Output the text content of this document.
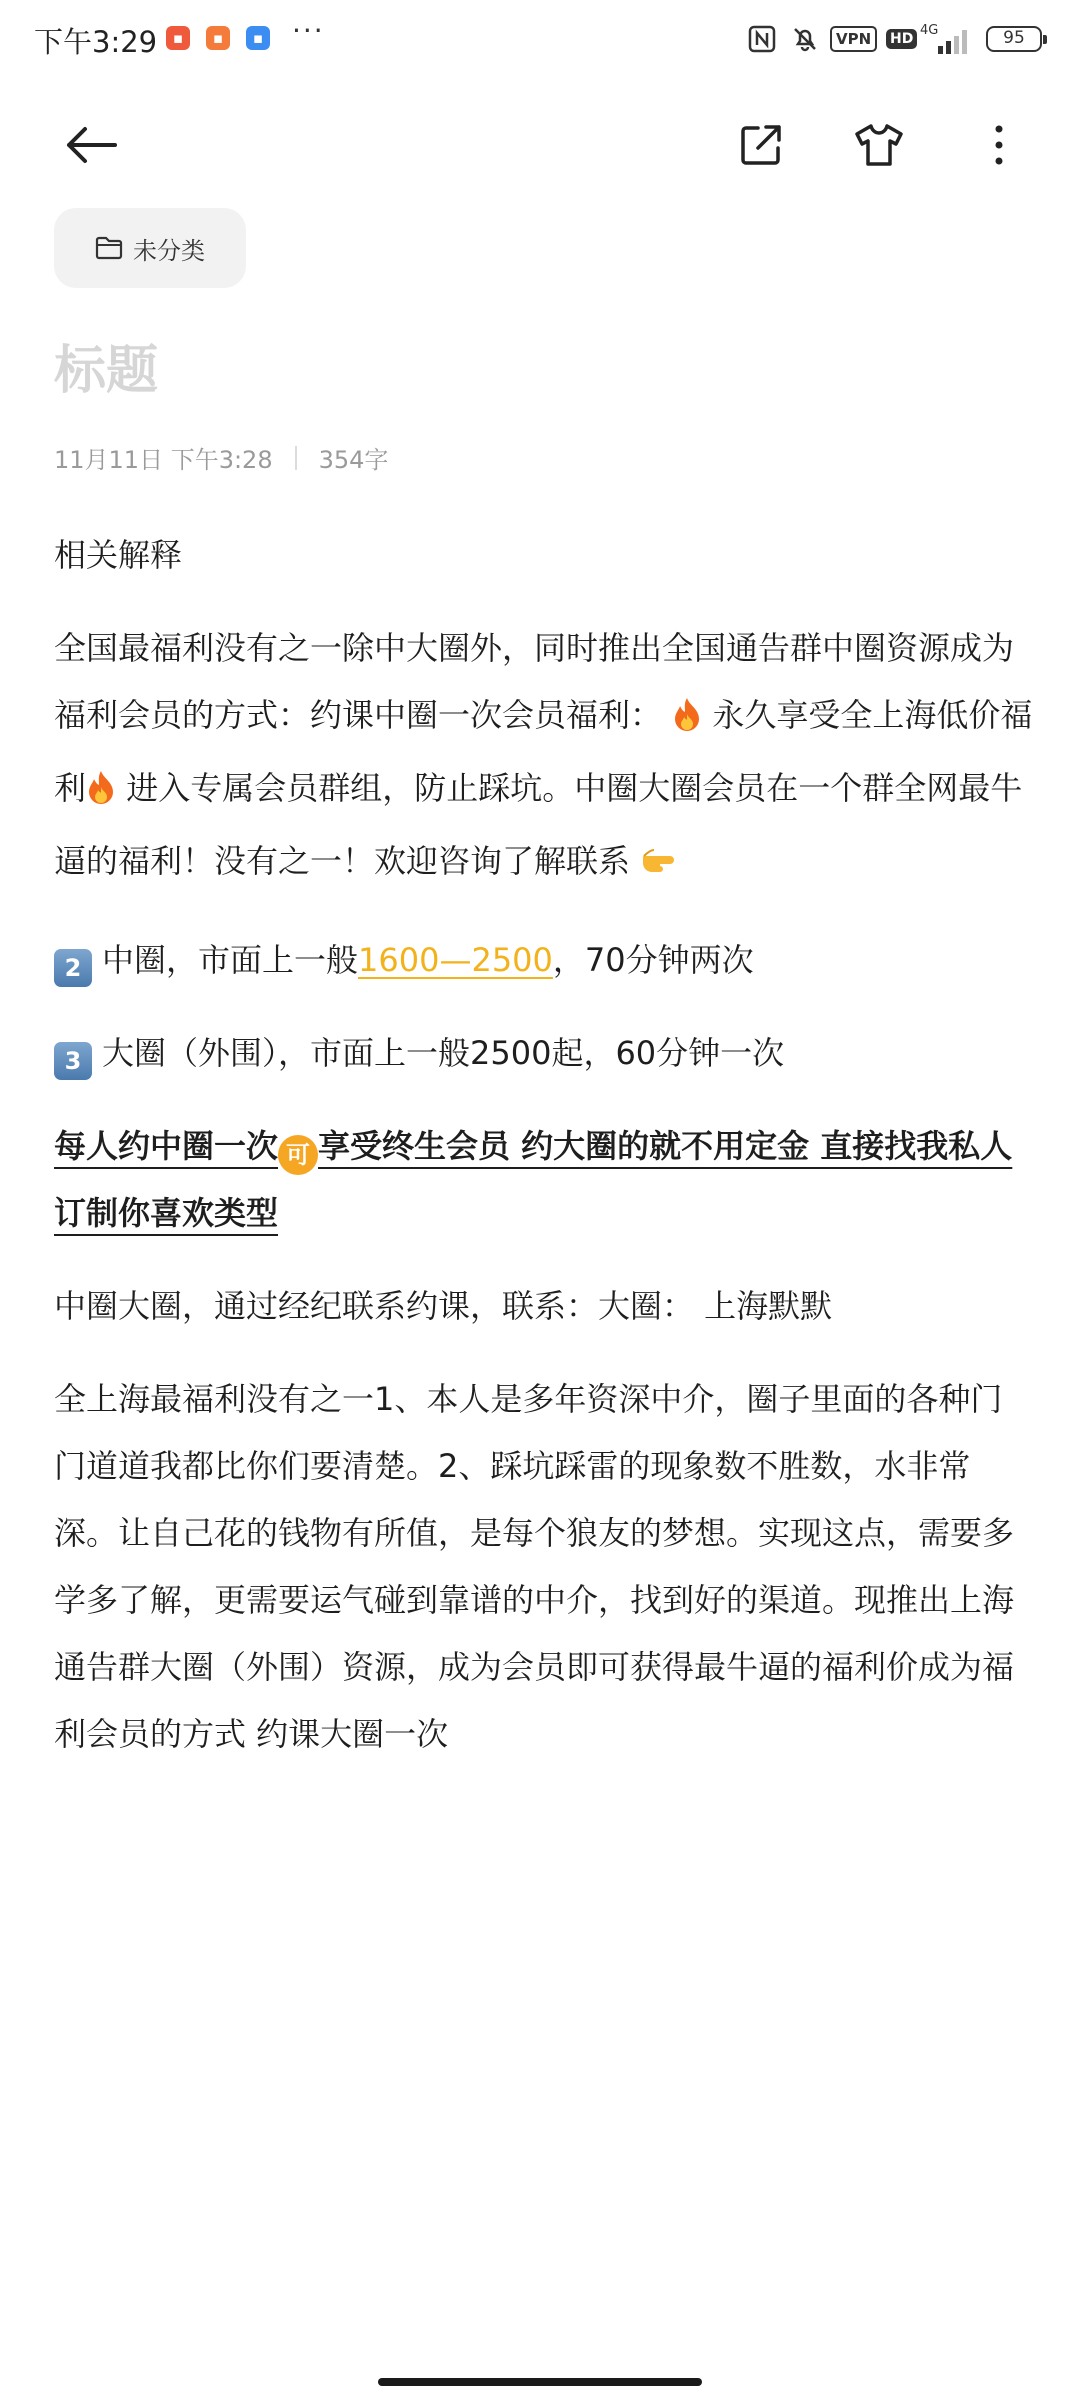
下午3:29	▪	▪	▪ ···	VPN	HD
4G	95
未分类
标题
11月11日 下午3:28 354字
相关解释
全国最福利没有之一除中大圈外，同时推出全国通告群中圈资源成为福利会员的方式：约课中圈一次会员福利： 永久享受全上海低价福利 进入专属会员群组，防止踩坑。中圈大圈会员在一个群全网最牛逼的福利！没有之一！欢迎咨询了解联系
2 中圈，市面上一般1600—2500，70分钟两次
3 大圈（外围），市面上一般2500起，60分钟一次
每人约中圈一次 可 享受终生会员 约大圈的就不用定金 直接找我私人订制你喜欢类型
中圈大圈，通过经纪联系约课，联系：大圈： 上海默默
全上海最福利没有之一1、本人是多年资深中介，圈子里面的各种门门道道我都比你们要清楚。2、踩坑踩雷的现象数不胜数，水非常深。让自己花的钱物有所值，是每个狼友的梦想。实现这点，需要多学多了解，更需要运气碰到靠谱的中介，找到好的渠道。现推出上海通告群大圈（外围）资源，成为会员即可获得最牛逼的福利价成为福利会员的方式 约课大圈一次
